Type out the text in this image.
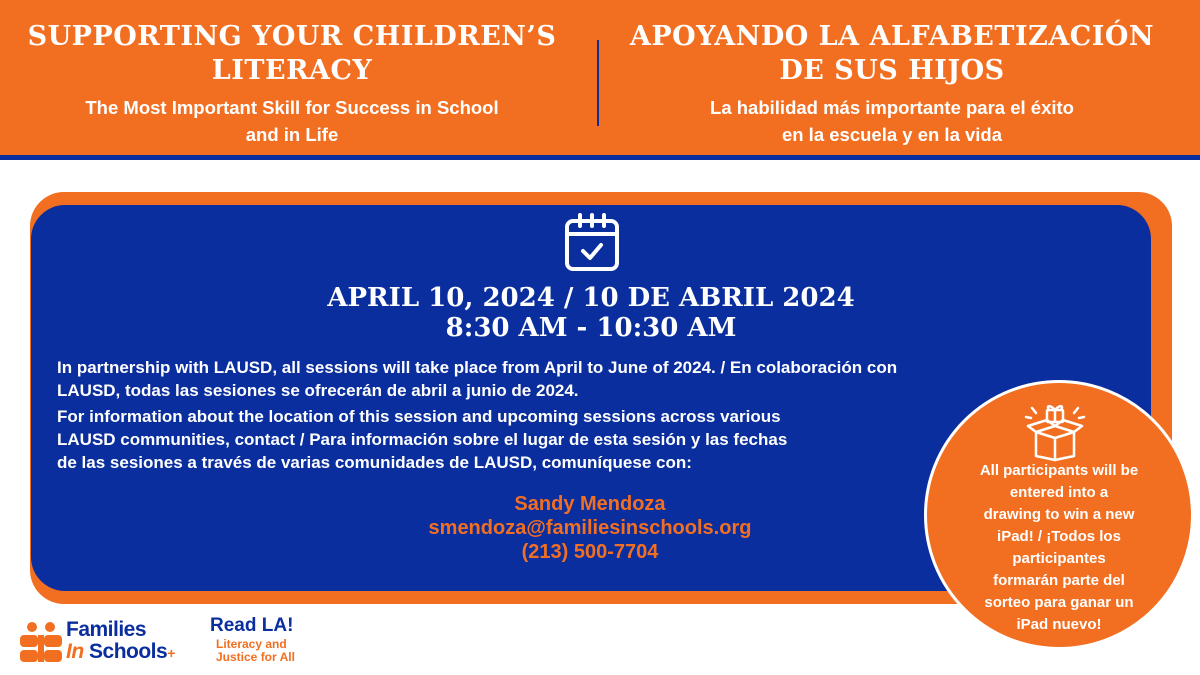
SUPPORTING YOUR CHILDREN’S
LITERACY
The Most Important Skill for Success in School
and in Life
APOYANDO LA ALFABETIZACIÓN
DE SUS HIJOS
La habilidad más importante para el éxito
en la escuela y en la vida
APRIL 10, 2024 / 10 DE ABRIL 2024
8:30 AM - 10:30 AM
In partnership with LAUSD, all sessions will take place from April to June of 2024. / En colaboración con
LAUSD, todas las sesiones se ofrecerán de abril a junio de 2024.
For information about the location of this session and upcoming sessions across various
LAUSD communities, contact / Para información sobre el lugar de esta sesión y las fechas
de las sesiones a través de varias comunidades de LAUSD, comuníquese con:
Sandy Mendoza
smendoza@familiesinschools.org
(213) 500-7704
All participants will be
entered into a
drawing to win a new
iPad! / ¡Todos los
participantes
formarán parte del
sorteo para ganar un
iPad nuevo!
Families
In Schools+
Read LA!
Literacy and
Justice for All
